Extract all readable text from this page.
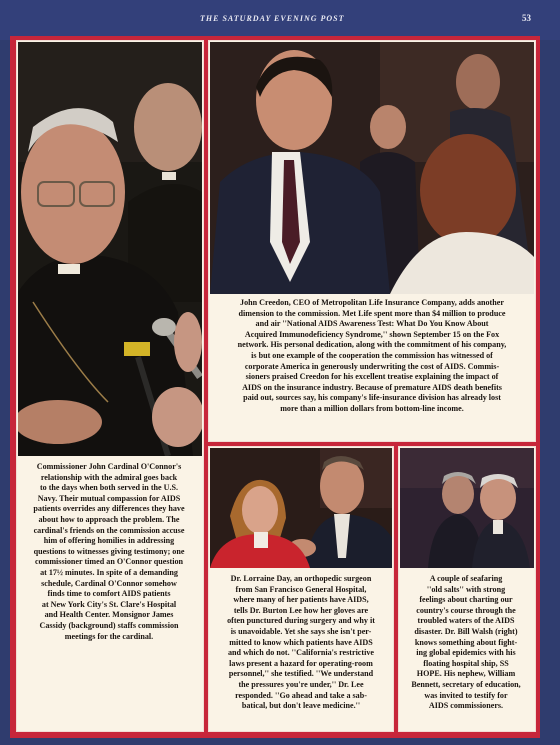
THE SATURDAY EVENING POST	53

Commissioner John Cardinal O'Connor's

relationship with the admiral goes back

to the days when both served in the U.S.

Navy. Their mutual compassion for AIDS

patients overrides any differences they have

about how to approach the problem. The

cardinal's friends on the commission accuse

him of offering homilies in addressing

questions to witnesses giving testimony; one

commissioner timed an O'Connor question

at 17½ minutes. In spite of a demanding

schedule, Cardinal O'Connor somehow

finds time to comfort AIDS patients

at New York City's St. Clare's Hospital

and Health Center. Monsignor James

Cassidy (background) staffs commission

meetings for the cardinal.

John Creedon, CEO of Metropolitan Life Insurance Company, adds another

dimension to the commission. Met Life spent more than $4 million to produce

and air ''National AIDS Awareness Test: What Do You Know About

Acquired Immunodeficiency Syndrome,'' shown September 15 on the Fox

network. His personal dedication, along with the commitment of his company,

is but one example of the cooperation the commission has witnessed of

corporate America in generously underwriting the cost of AIDS. Commis-

sioners praised Creedon for his excellent treatise explaining the impact of

AIDS on the insurance industry. Because of premature AIDS death benefits

paid out, sources say, his company's life-insurance division has already lost

more than a million dollars from bottom-line income.

Dr. Lorraine Day, an orthopedic surgeon

from San Francisco General Hospital,

where many of her patients have AIDS,

tells Dr. Burton Lee how her gloves are

often punctured during surgery and why it

is unavoidable. Yet she says she isn't per-

mitted to know which patients have AIDS

and which do not. ''California's restrictive

laws present a hazard for operating-room

personnel,'' she testified. ''We understand

the pressures you're under,'' Dr. Lee

responded. ''Go ahead and take a sab-

batical, but don't leave medicine.''

A couple of seafaring

''old salts'' with strong

feelings about charting our

country's course through the

troubled waters of the AIDS

disaster. Dr. Bill Walsh (right)

knows something about fight-

ing global epidemics with his

floating hospital ship, SS

HOPE. His nephew, William

Bennett, secretary of education,

was invited to testify for

AIDS commissioners.
